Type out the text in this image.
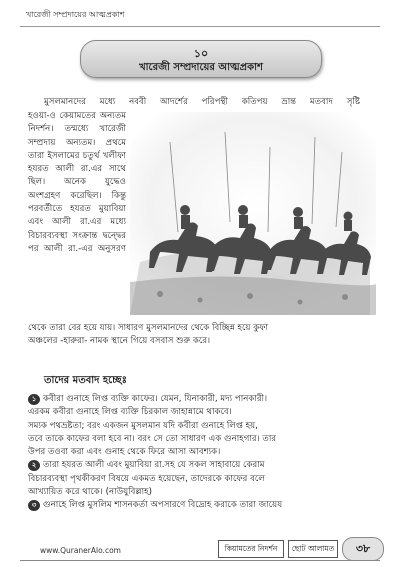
খারেজী সম্প্রদায়ের আত্মপ্রকাশ
১০
খারেজী সম্প্রদায়ের আত্মপ্রকাশ
মুসলমানদের মধ্যে নববী আদর্শের পরিপন্থী কতিপয় ভ্রান্ত মতবাদ সৃষ্টি
হওয়া-ও কেয়ামতের অন্যতম
নিদর্শন। তন্মধ্যে খারেজী
সম্প্রদায় অন্যতম। প্রথমে
তারা ইসলামের চতুর্থ খলীফা
হযরত আলী রা.এর সাথে
ছিল। অনেক যুদ্ধেও
অংশগ্রহণ করেছিল। কিন্তু
পরবর্তীতে হযরত মুয়াবিয়া
এবং আলী রা.এর মধ্যে
বিচারব্যবস্থা সংক্রান্ত দ্বন্দ্বের
পর আলী রা.-এর অনুসরণ
থেকে তারা বের হয়ে যায়। সাধারণ মুসলমানদের থেকে বিচ্ছিন্ন হয়ে কুফা
অঞ্চলের -হারুরা- নামক স্থানে গিয়ে বসবাস শুরু করে।
তাদের মতবাদ হচ্ছেঃ
১ কবীরা গুনাহে লিপ্ত ব্যক্তি কাফের। যেমন, যিনাকারী, মদ্য পানকারী।
এরকম কবীরা গুনাহে লিপ্ত ব্যক্তি চিরকাল জাহান্নামে থাকবে।
সম্যক পথভ্রষ্টতা; বরং একজন মুসলমান যদি কবীরা গুনাহে লিপ্ত হয়,
তবে তাকে কাফের বলা হবে না। বরং সে তো সাধারণ এক গুনাহগার। তার
উপর তওবা করা এবং গুনাহ থেকে ফিরে আসা আবশ্যক।
২ তারা হযরত আলী এবং মুয়াবিয়া রা.সহ যে সকল সাহাবায়ে কেরাম
বিচারব্যবস্থা পৃথকীকরণ বিষয়ে একমত হয়েছেন, তাদেরকে কাফের বলে
আখ্যায়িত করে থাকে। (নাউযুবিল্লাহ)
৩ গুনাহে লিপ্ত মুসলিম শাসনকর্তা অপসারণে বিদ্রোহ করাকে তারা জায়েয
www.QuranerAlo.com	কিয়ামতের নিদর্শন	ছোট আলামত	৩৮
